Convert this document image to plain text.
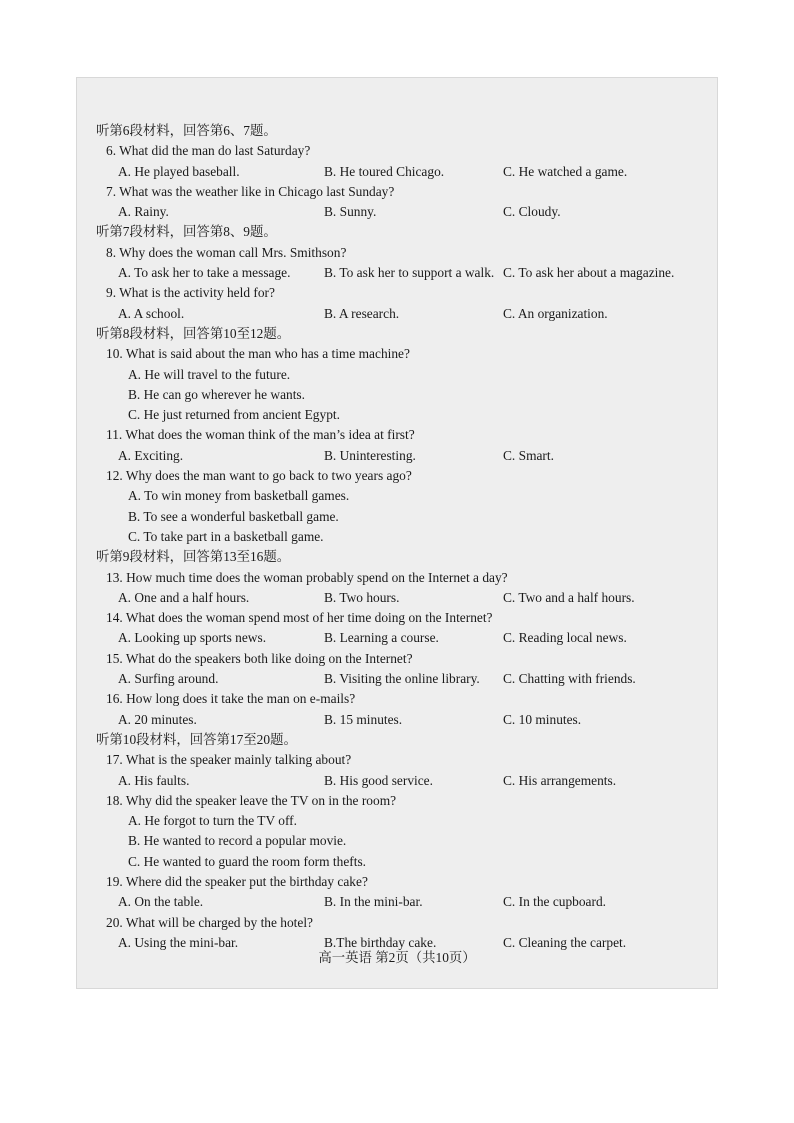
听第6段材料，回答第6、7题。
6. What did the man do last Saturday?
A. He played baseball.	B. He toured Chicago.	C. He watched a game.
7. What was the weather like in Chicago last Sunday?
A. Rainy.	B. Sunny.	C. Cloudy.
听第7段材料，回答第8、9题。
8. Why does the woman call Mrs. Smithson?
A. To ask her to take a message.	B. To ask her to support a walk. C. To ask her about a magazine.
9. What is the activity held for?
A. A school.	B. A research.	C. An organization.
听第8段材料，回答第10至12题。
10. What is said about the man who has a time machine?
A. He will travel to the future.
B. He can go wherever he wants.
C. He just returned from ancient Egypt.
11. What does the woman think of the man’s idea at first?
A. Exciting.	B. Uninteresting.	C. Smart.
12. Why does the man want to go back to two years ago?
A. To win money from basketball games.
B. To see a wonderful basketball game.
C. To take part in a basketball game.
听第9段材料，回答第13至16题。
13. How much time does the woman probably spend on the Internet a day?
A. One and a half hours.	B. Two hours.	C. Two and a half hours.
14. What does the woman spend most of her time doing on the Internet?
A. Looking up sports news.	B. Learning a course.	C. Reading local news.
15. What do the speakers both like doing on the Internet?
A. Surfing around.	B. Visiting the online library.	C. Chatting with friends.
16. How long does it take the man on e-mails?
A. 20 minutes.	B. 15 minutes.	C. 10 minutes.
听第10段材料，回答第17至20题。
17. What is the speaker mainly talking about?
A. His faults.	B. His good service.	C. His arrangements.
18. Why did the speaker leave the TV on in the room?
A. He forgot to turn the TV off.
B. He wanted to record a popular movie.
C. He wanted to guard the room form thefts.
19. Where did the speaker put the birthday cake?
A. On the table.	B. In the mini-bar.	C. In the cupboard.
20. What will be charged by the hotel?
A. Using the mini-bar.	B.The birthday cake.	C. Cleaning the carpet.
高一英语 第2页（共10页）
